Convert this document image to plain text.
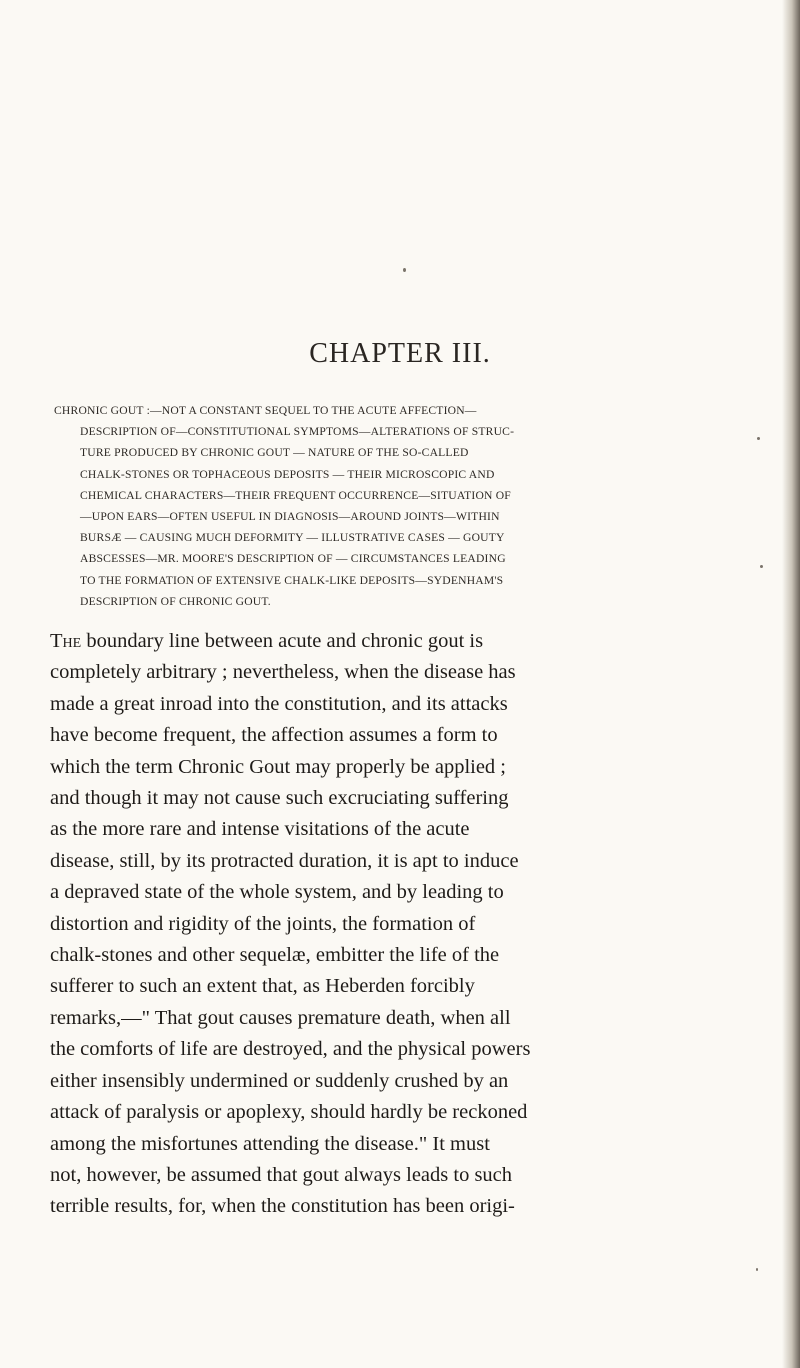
CHAPTER III.
CHRONIC GOUT :—NOT A CONSTANT SEQUEL TO THE ACUTE AFFECTION—
DESCRIPTION OF—CONSTITUTIONAL SYMPTOMS—ALTERATIONS OF STRUC-
TURE PRODUCED BY CHRONIC GOUT — NATURE OF THE SO-CALLED
CHALK-STONES OR TOPHACEOUS DEPOSITS — THEIR MICROSCOPIC AND
CHEMICAL CHARACTERS—THEIR FREQUENT OCCURRENCE—SITUATION OF
—UPON EARS—OFTEN USEFUL IN DIAGNOSIS—AROUND JOINTS—WITHIN
BURSÆ — CAUSING MUCH DEFORMITY — ILLUSTRATIVE CASES — GOUTY
ABSCESSES—MR. MOORE'S DESCRIPTION OF — CIRCUMSTANCES LEADING
TO THE FORMATION OF EXTENSIVE CHALK-LIKE DEPOSITS—SYDENHAM'S
DESCRIPTION OF CHRONIC GOUT.
The boundary line between acute and chronic gout is
completely arbitrary ; nevertheless, when the disease has
made a great inroad into the constitution, and its attacks
have become frequent, the affection assumes a form to
which the term Chronic Gout may properly be applied ;
and though it may not cause such excruciating suffering
as the more rare and intense visitations of the acute
disease, still, by its protracted duration, it is apt to induce
a depraved state of the whole system, and by leading to
distortion and rigidity of the joints, the formation of
chalk-stones and other sequelæ, embitter the life of the
sufferer to such an extent that, as Heberden forcibly
remarks,—" That gout causes premature death, when all
the comforts of life are destroyed, and the physical powers
either insensibly undermined or suddenly crushed by an
attack of paralysis or apoplexy, should hardly be reckoned
among the misfortunes attending the disease." It must
not, however, be assumed that gout always leads to such
terrible results, for, when the constitution has been origi-
